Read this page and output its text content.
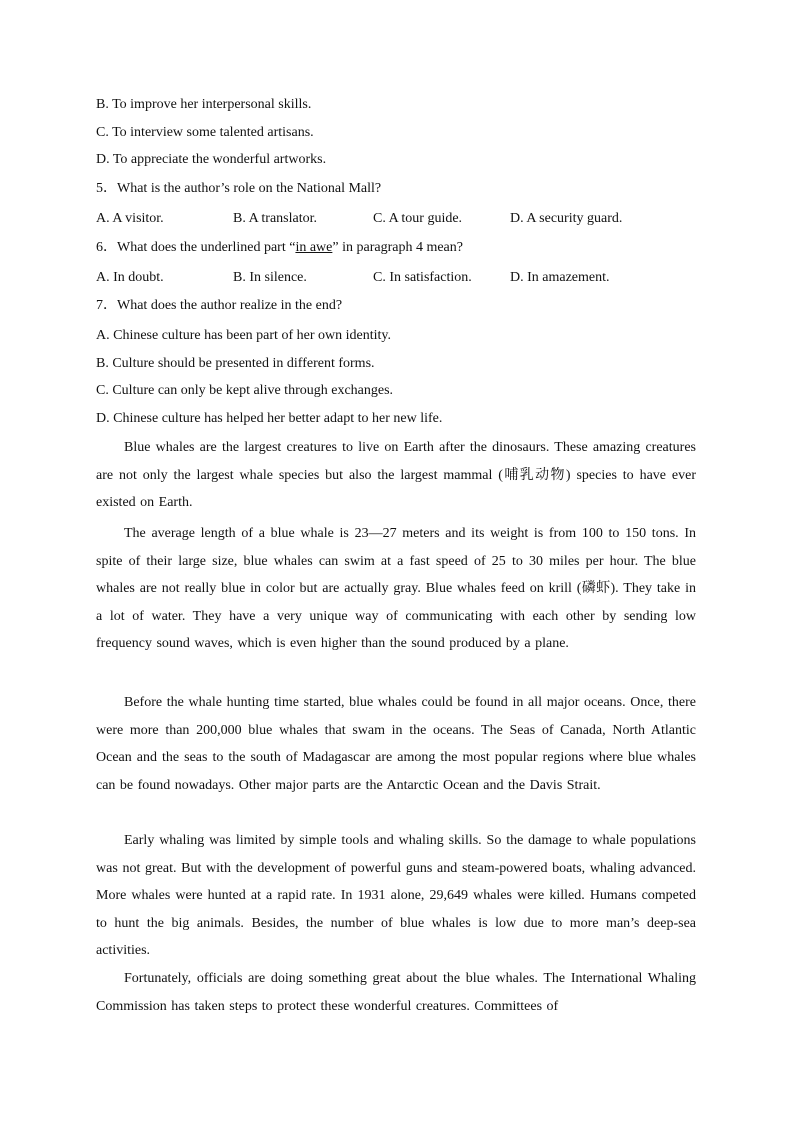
B. To improve her interpersonal skills.
C. To interview some talented artisans.
D. To appreciate the wonderful artworks.
5．What is the author’s role on the National Mall?
A. A visitor.	B. A translator.	C. A tour guide.	D. A security guard.
6．What does the underlined part “in awe” in paragraph 4 mean?
A. In doubt.	B. In silence.	C. In satisfaction.	D. In amazement.
7．What does the author realize in the end?
A. Chinese culture has been part of her own identity.
B. Culture should be presented in different forms.
C. Culture can only be kept alive through exchanges.
D. Chinese culture has helped her better adapt to her new life.

Blue whales are the largest creatures to live on Earth after the dinosaurs. These amazing creatures are not only the largest whale species but also the largest mammal (哺乳动物) species to have ever existed on Earth.

The average length of a blue whale is 23—27 meters and its weight is from 100 to 150 tons. In spite of their large size, blue whales can swim at a fast speed of 25 to 30 miles per hour. The blue whales are not really blue in color but are actually gray. Blue whales feed on krill (磷虾). They take in a lot of water. They have a very unique way of communicating with each other by sending low frequency sound waves, which is even higher than the sound produced by a plane.

Before the whale hunting time started, blue whales could be found in all major oceans. Once, there were more than 200,000 blue whales that swam in the oceans. The Seas of Canada, North Atlantic Ocean and the seas to the south of Madagascar are among the most popular regions where blue whales can be found nowadays. Other major parts are the Antarctic Ocean and the Davis Strait.

Early whaling was limited by simple tools and whaling skills. So the damage to whale populations was not great. But with the development of powerful guns and steam-powered boats, whaling advanced. More whales were hunted at a rapid rate. In 1931 alone, 29,649 whales were killed. Humans competed to hunt the big animals. Besides, the number of blue whales is low due to more man’s deep-sea activities.

Fortunately, officials are doing something great about the blue whales. The International Whaling Commission has taken steps to protect these wonderful creatures. Committees of
